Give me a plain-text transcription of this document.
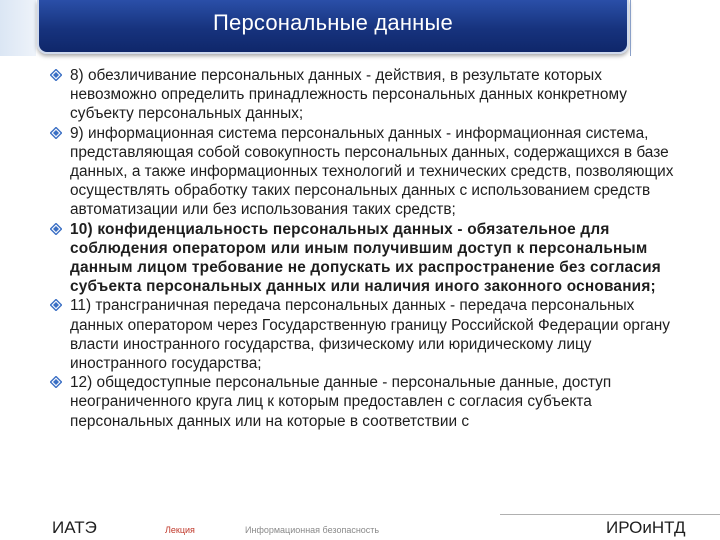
Персональные данные

8) обезличивание персональных данных - действия, в результате которых невозможно определить принадлежность персональных данных конкретному субъекту персональных данных;

9) информационная система персональных данных - информационная система, представляющая собой совокупность персональных данных, содержащихся в базе данных, а также информационных технологий и технических средств, позволяющих осуществлять обработку таких персональных данных с использованием средств автоматизации или без использования таких средств;

10) конфиденциальность персональных данных - обязательное для соблюдения оператором или иным получившим доступ к персональным данным лицом требование не допускать их распространение без согласия субъекта персональных данных или наличия иного законного основания;

11) трансграничная передача персональных данных - передача персональных данных оператором через Государственную границу Российской Федерации органу власти иностранного государства, физическому или юридическому лицу иностранного государства;

12) общедоступные персональные данные - персональные данные, доступ неограниченного круга лиц к которым предоставлен с согласия субъекта персональных данных или на которые в соответствии с

ИАТЭ	Лекция	Информационная безопасность	ИРОиНТД
